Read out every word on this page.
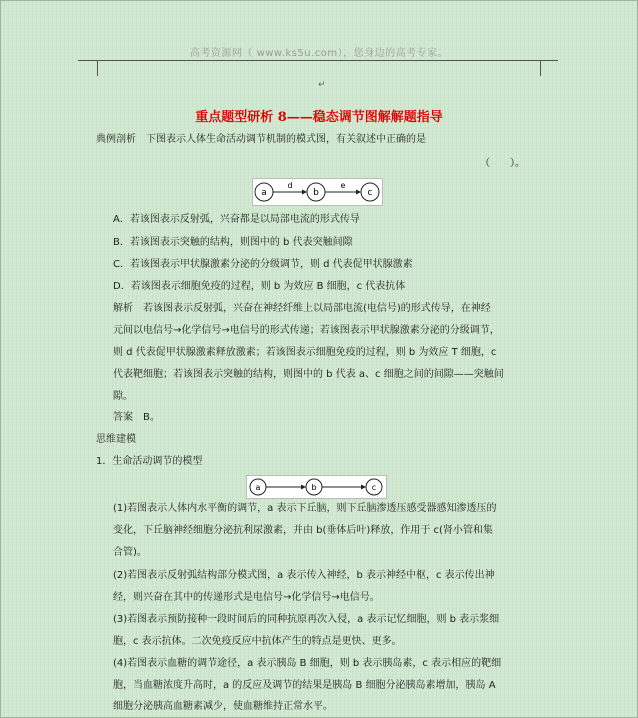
高考资源网（ www.ks5u.com），您身边的高考专家。
↵
重点题型研析 8——稳态调节图解解题指导
典例剖析　下图表示人体生命活动调节机制的模式图，有关叙述中正确的是
（　　）。
a	b	c
d	e
A．若该图表示反射弧，兴奋都是以局部电流的形式传导
B．若该图表示突触的结构，则图中的 b 代表突触间隙
C．若该图表示甲状腺激素分泌的分级调节，则 d 代表促甲状腺激素
D．若该图表示细胞免疫的过程，则 b 为效应 B 细胞，c 代表抗体
解析　若该图表示反射弧，兴奋在神经纤维上以局部电流(电信号)的形式传导，在神经
元间以电信号→化学信号→电信号的形式传递；若该图表示甲状腺激素分泌的分级调节，
则 d 代表促甲状腺激素释放激素；若该图表示细胞免疫的过程，则 b 为效应 T 细胞，c
代表靶细胞；若该图表示突触的结构，则图中的 b 代表 a、c 细胞之间的间隙——突触间
隙。
答案　B。
思维建模
1．生命活动调节的模型
a	b	c
(1)若图表示人体内水平衡的调节，a 表示下丘脑，则下丘脑渗透压感受器感知渗透压的
变化，下丘脑神经细胞分泌抗利尿激素，并由 b(垂体后叶)释放，作用于 c(肾小管和集
合管)。
(2)若图表示反射弧结构部分模式图，a 表示传入神经，b 表示神经中枢，c 表示传出神
经，则兴奋在其中的传递形式是电信号→化学信号→电信号。
(3)若图表示预防接种一段时间后的同种抗原再次入侵，a 表示记忆细胞，则 b 表示浆细
胞，c 表示抗体。二次免疫反应中抗体产生的特点是更快、更多。
(4)若图表示血糖的调节途径，a 表示胰岛 B 细胞，则 b 表示胰岛素，c 表示相应的靶细
胞，当血糖浓度升高时，a 的反应及调节的结果是胰岛 B 细胞分泌胰岛素增加，胰岛 A
细胞分泌胰高血糖素减少，使血糖维持正常水平。
